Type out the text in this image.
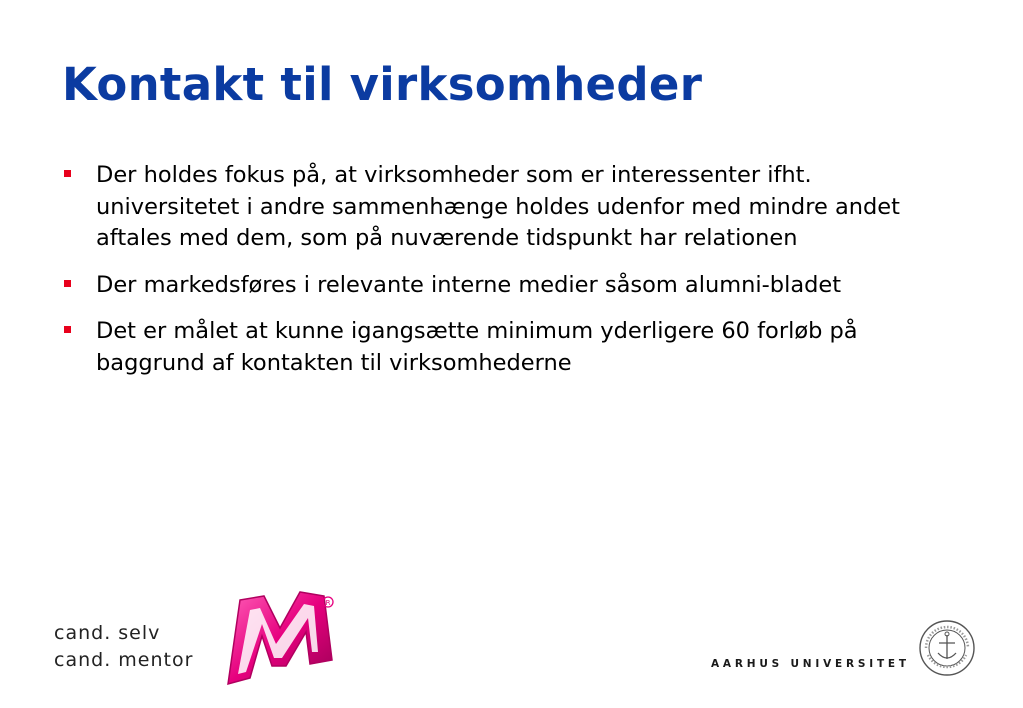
Kontakt til virksomheder
Der holdes fokus på, at virksomheder som er interessenter ifht. universitetet i andre sammenhænge holdes udenfor med mindre andet aftales med dem, som på nuværende tidspunkt har relationen
Der markedsføres i relevante interne medier såsom alumni-bladet
Det er målet at kunne igangsætte minimum yderligere 60 forløb på baggrund af kontakten til virksomhederne
cand. selv
cand. mentor
R
AARHUS UNIVERSITET
